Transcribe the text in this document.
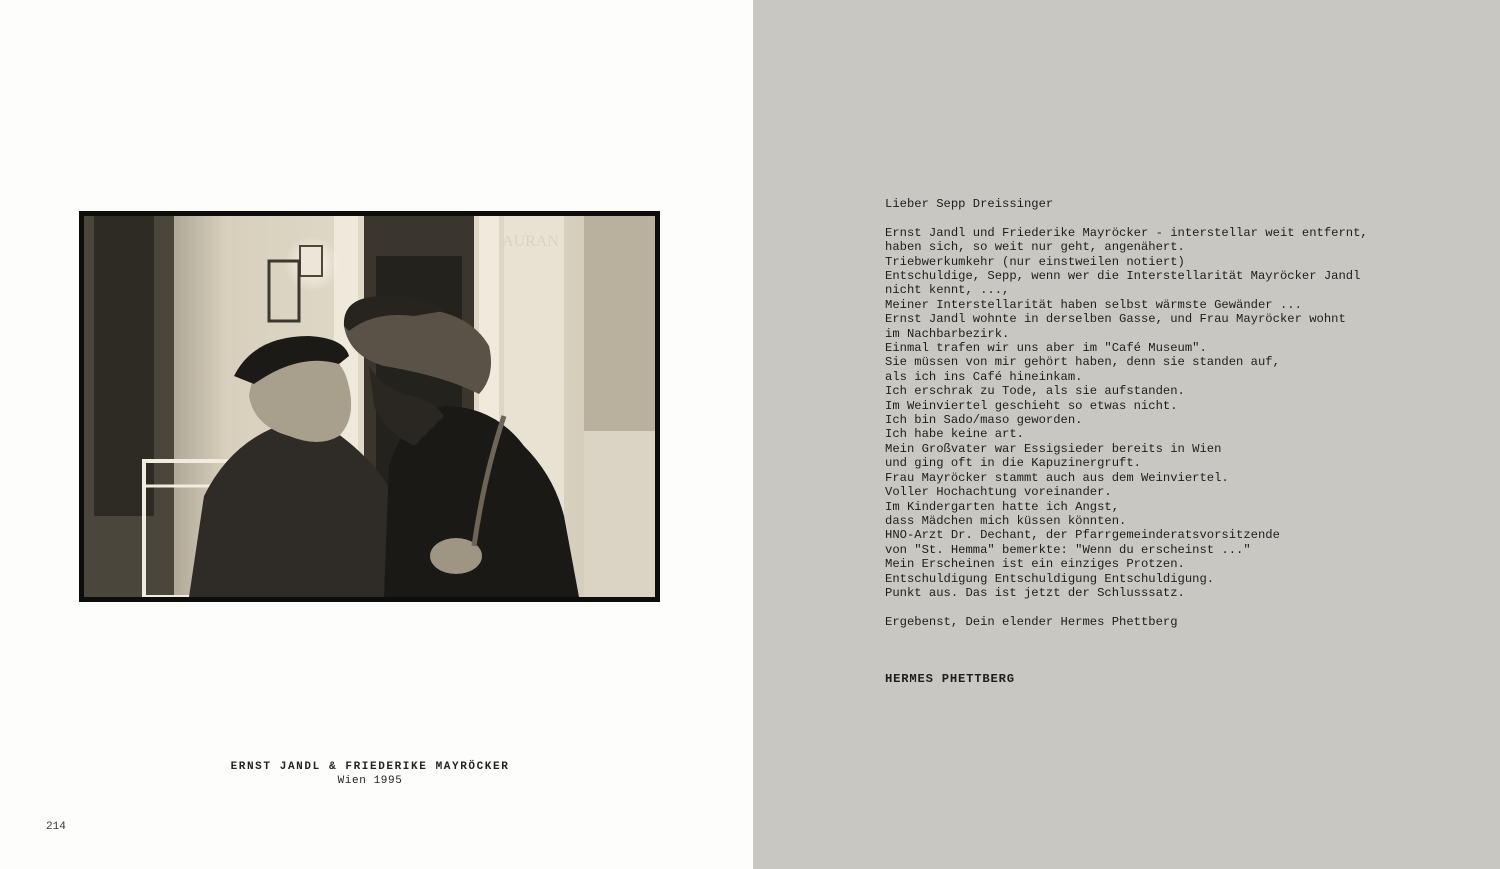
AURAN
ERNST JANDL & FRIEDERIKE MAYRÖCKER
Wien 1995
214

Lieber Sepp Dreissinger

Ernst Jandl und Friederike Mayröcker - interstellar weit entfernt,
haben sich, so weit nur geht, angenähert.
Triebwerkumkehr (nur einstweilen notiert)
Entschuldige, Sepp, wenn wer die Interstellarität Mayröcker Jandl
nicht kennt, ...,
Meiner Interstellarität haben selbst wärmste Gewänder ...
Ernst Jandl wohnte in derselben Gasse, und Frau Mayröcker wohnt
im Nachbarbezirk.
Einmal trafen wir uns aber im "Café Museum".
Sie müssen von mir gehört haben, denn sie standen auf,
als ich ins Café hineinkam.
Ich erschrak zu Tode, als sie aufstanden.
Im Weinviertel geschieht so etwas nicht.
Ich bin Sado/maso geworden.
Ich habe keine art.
Mein Großvater war Essigsieder bereits in Wien
und ging oft in die Kapuzinergruft.
Frau Mayröcker stammt auch aus dem Weinviertel.
Voller Hochachtung voreinander.
Im Kindergarten hatte ich Angst,
dass Mädchen mich küssen könnten.
HNO-Arzt Dr. Dechant, der Pfarrgemeinderatsvorsitzende
von "St. Hemma" bemerkte: "Wenn du erscheinst ..."
Mein Erscheinen ist ein einziges Protzen.
Entschuldigung Entschuldigung Entschuldigung.
Punkt aus. Das ist jetzt der Schlusssatz.

Ergebenst, Dein elender Hermes Phettberg

HERMES PHETTBERG
